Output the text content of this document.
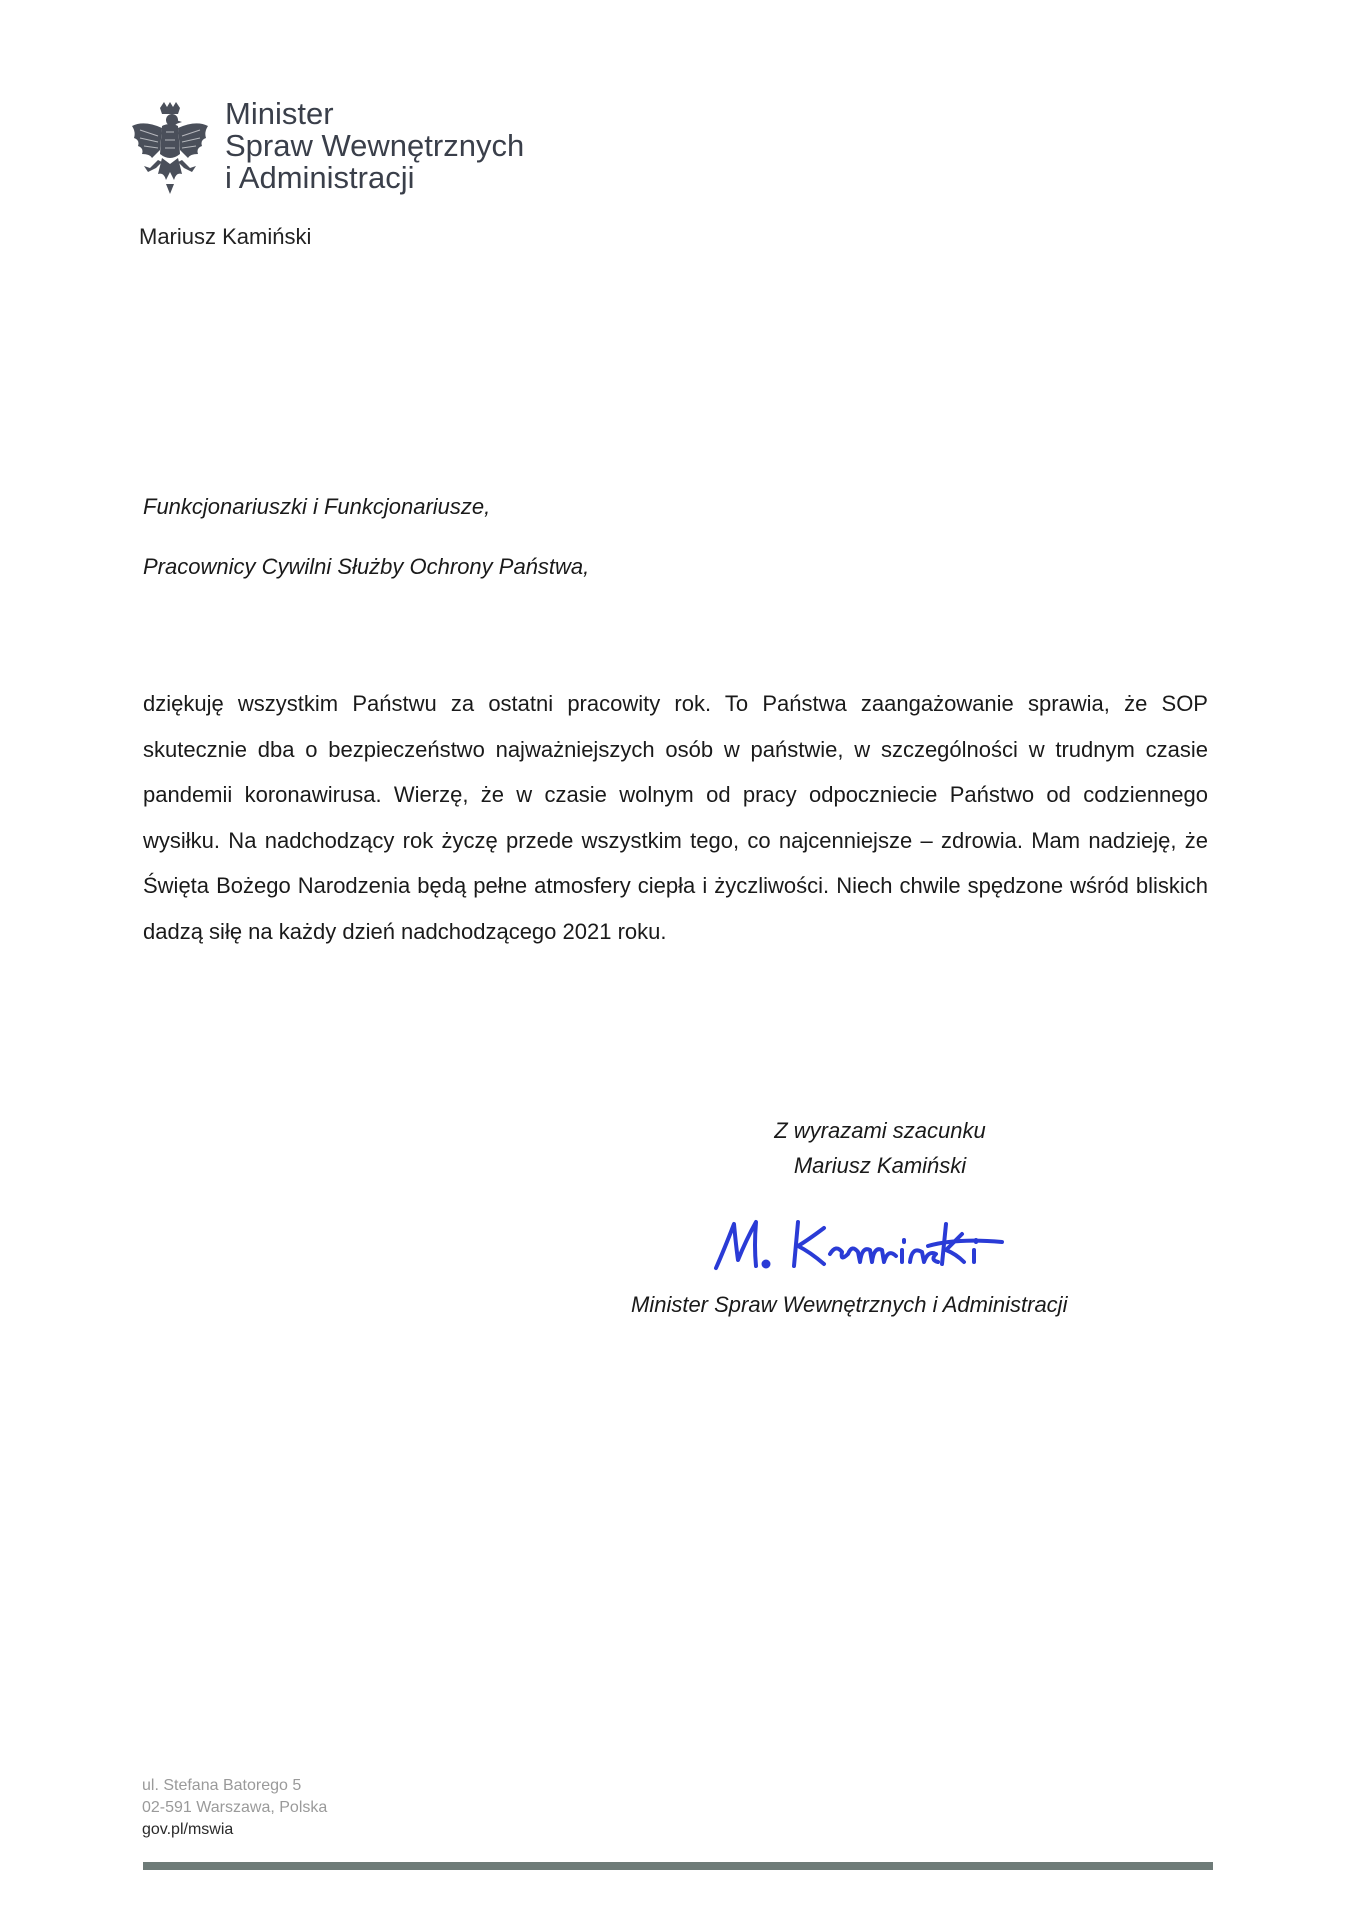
Minister
Spraw Wewnętrznych
i Administracji
Mariusz Kamiński
Funkcjonariuszki i Funkcjonariusze,
Pracownicy Cywilni Służby Ochrony Państwa,
dziękuję wszystkim Państwu za ostatni pracowity rok. To Państwa zaangażowanie sprawia, że SOP skutecznie dba o bezpieczeństwo najważniejszych osób w państwie, w szczególności w trudnym czasie pandemii koronawirusa. Wierzę, że w czasie wolnym od pracy odpoczniecie Państwo od codziennego wysiłku. Na nadchodzący rok życzę przede wszystkim tego, co najcenniejsze – zdrowia. Mam nadzieję, że Święta Bożego Narodzenia będą pełne atmosfery ciepła i życzliwości. Niech chwile spędzone wśród bliskich dadzą siłę na każdy dzień nadchodzącego 2021 roku.
Z wyrazami szacunku
Mariusz Kamiński
Minister Spraw Wewnętrznych i Administracji
ul. Stefana Batorego 5
02-591 Warszawa, Polska
gov.pl/mswia
